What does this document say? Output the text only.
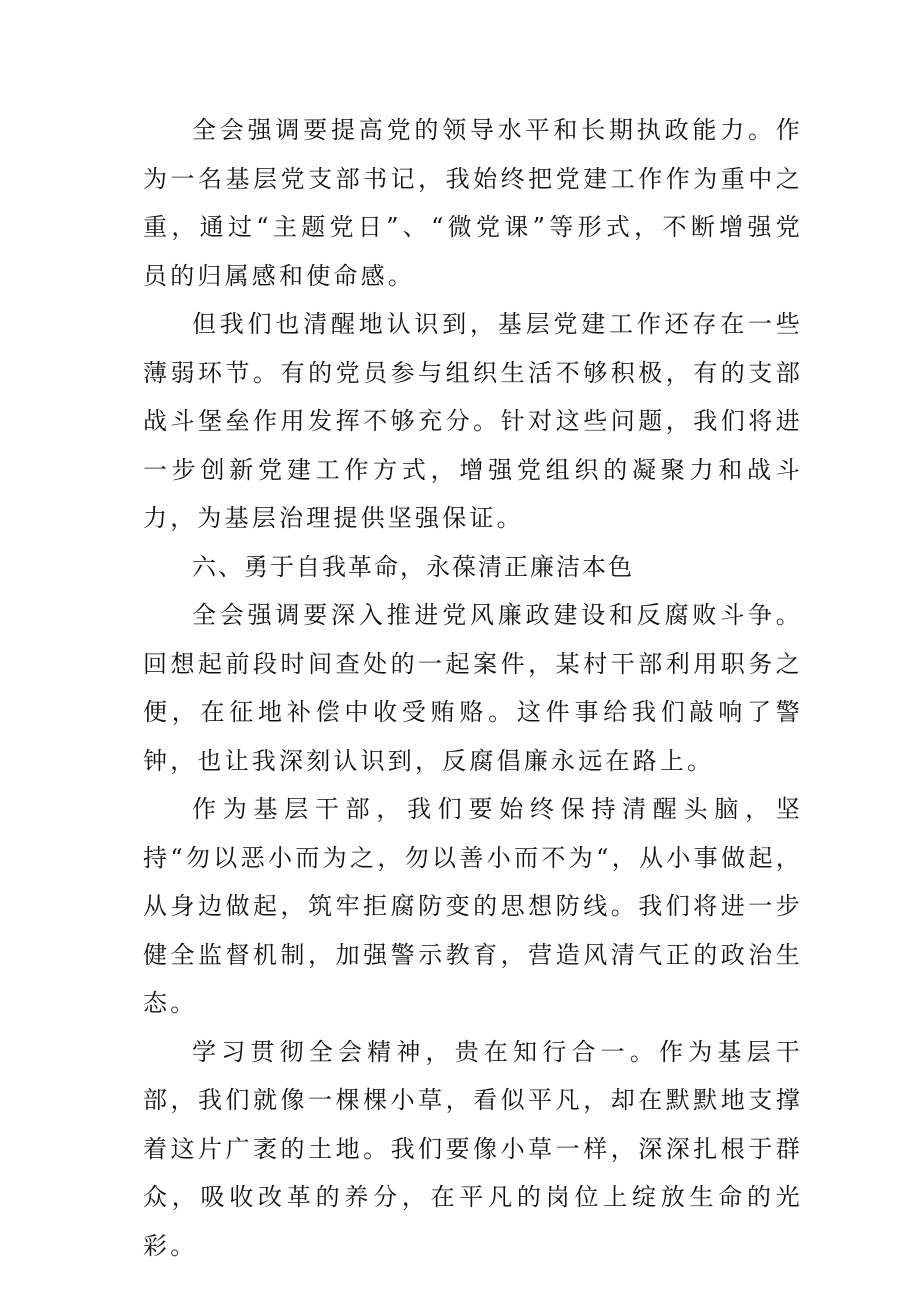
全会强调要提高党的领导水平和长期执政能力。作为一名基层党支部书记，我始终把党建工作作为重中之重，通过“主题党日”、“微党课”等形式，不断增强党员的归属感和使命感。

但我们也清醒地认识到，基层党建工作还存在一些薄弱环节。有的党员参与组织生活不够积极，有的支部战斗堡垒作用发挥不够充分。针对这些问题，我们将进一步创新党建工作方式，增强党组织的凝聚力和战斗力，为基层治理提供坚强保证。

六、勇于自我革命，永葆清正廉洁本色

全会强调要深入推进党风廉政建设和反腐败斗争。回想起前段时间查处的一起案件，某村干部利用职务之便，在征地补偿中收受贿赂。这件事给我们敲响了警钟，也让我深刻认识到，反腐倡廉永远在路上。

作为基层干部，我们要始终保持清醒头脑，坚持“勿以恶小而为之，勿以善小而不为“，从小事做起，从身边做起，筑牢拒腐防变的思想防线。我们将进一步健全监督机制，加强警示教育，营造风清气正的政治生态。

学习贯彻全会精神，贵在知行合一。作为基层干部，我们就像一棵棵小草，看似平凡，却在默默地支撑着这片广袤的土地。我们要像小草一样，深深扎根于群众，吸收改革的养分，在平凡的岗位上绽放生命的光彩。
